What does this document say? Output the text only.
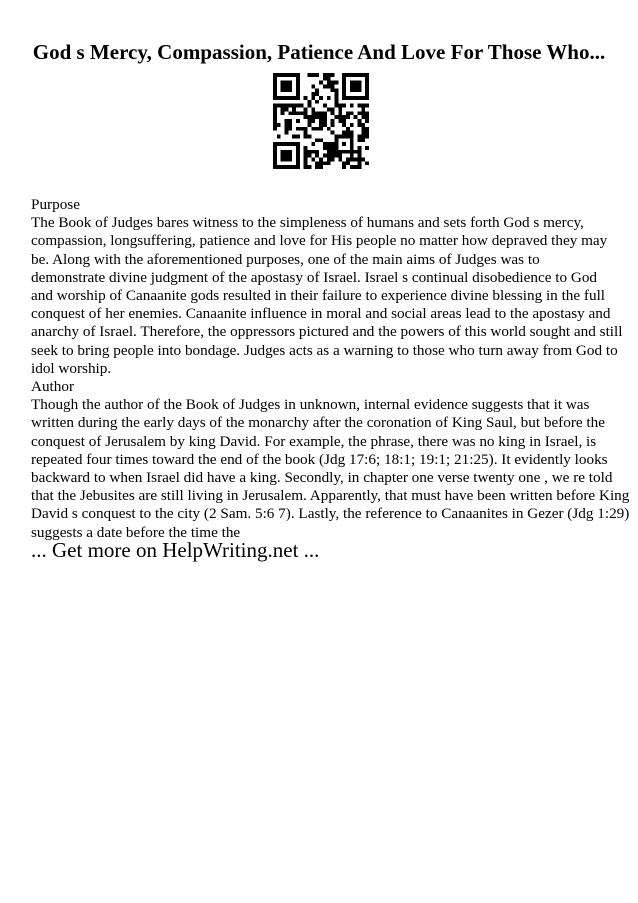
God s Mercy, Compassion, Patience And Love For Those Who...
Purpose
The Book of Judges bares witness to the simpleness of humans and sets forth God s mercy,
compassion, longsuffering, patience and love for His people no matter how depraved they may
be. Along with the aforementioned purposes, one of the main aims of Judges was to
demonstrate divine judgment of the apostasy of Israel. Israel s continual disobedience to God
and worship of Canaanite gods resulted in their failure to experience divine blessing in the full
conquest of her enemies. Canaanite influence in moral and social areas lead to the apostasy and
anarchy of Israel. Therefore, the oppressors pictured and the powers of this world sought and still
seek to bring people into bondage. Judges acts as a warning to those who turn away from God to
idol worship.
Author
Though the author of the Book of Judges in unknown, internal evidence suggests that it was
written during the early days of the monarchy after the coronation of King Saul, but before the
conquest of Jerusalem by king David. For example, the phrase, there was no king in Israel, is
repeated four times toward the end of the book (Jdg 17:6; 18:1; 19:1; 21:25). It evidently looks
backward to when Israel did have a king. Secondly, in chapter one verse twenty one , we re told
that the Jebusites are still living in Jerusalem. Apparently, that must have been written before King
David s conquest to the city (2 Sam. 5:6 7). Lastly, the reference to Canaanites in Gezer (Jdg 1:29)
suggests a date before the time the
... Get more on HelpWriting.net ...
